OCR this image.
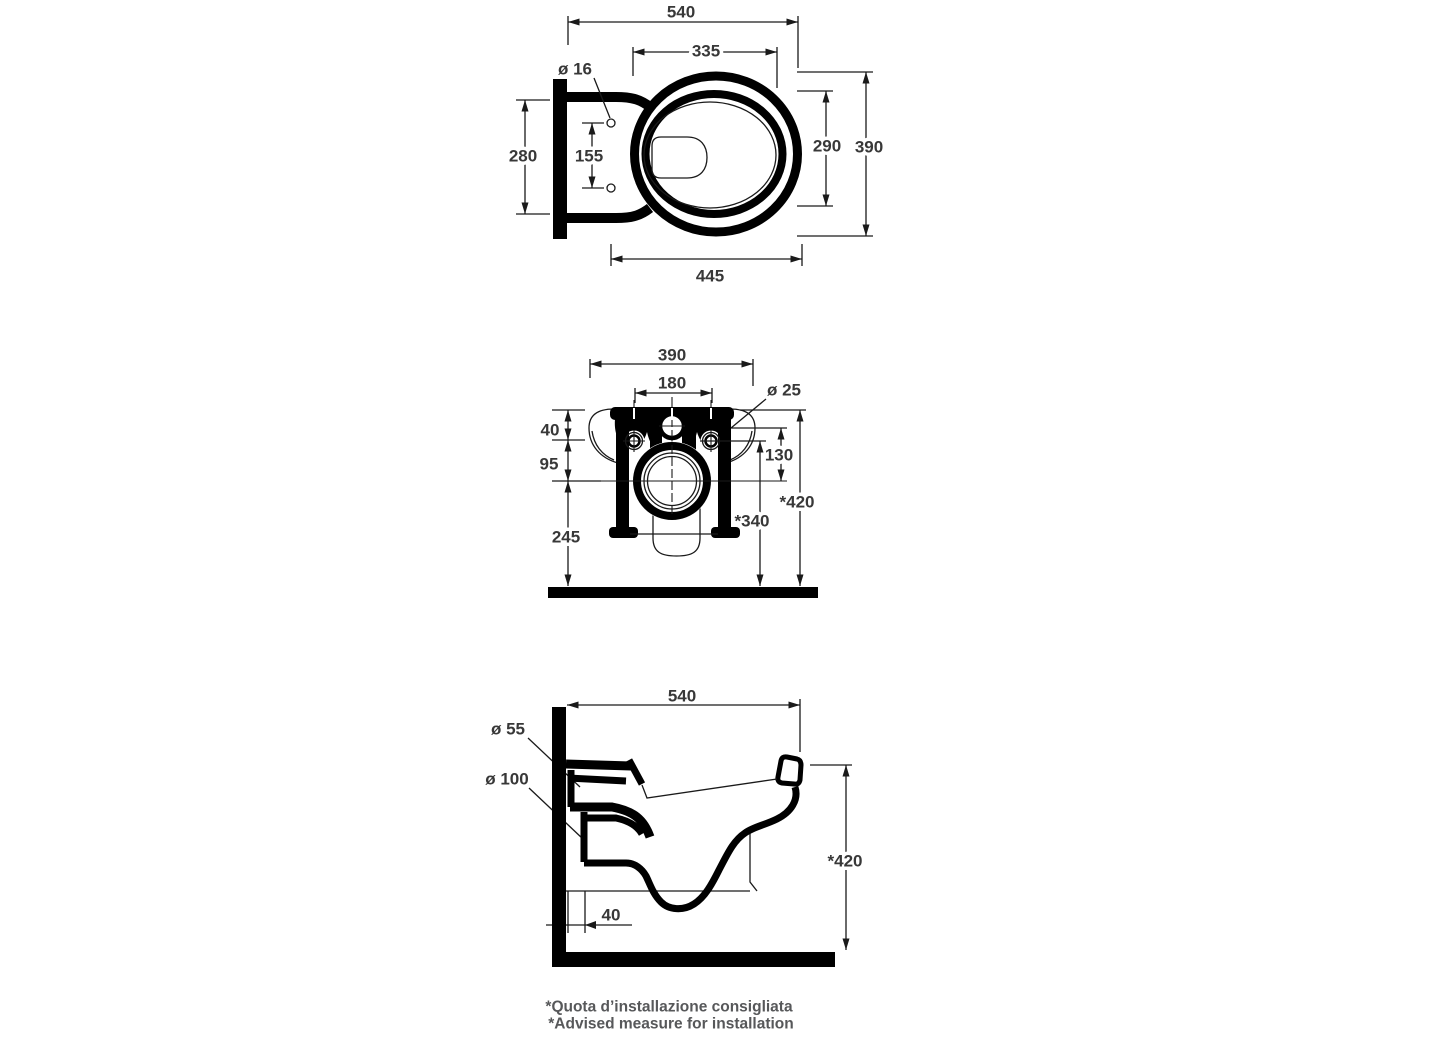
540
335
ø 16
280 155
290 390
445
390
180	ø 25
40
95
245
130
*340
*420
540
ø 55
ø 100
40
*420
*Quota d’installazione consigliata
*Advised measure for installation
